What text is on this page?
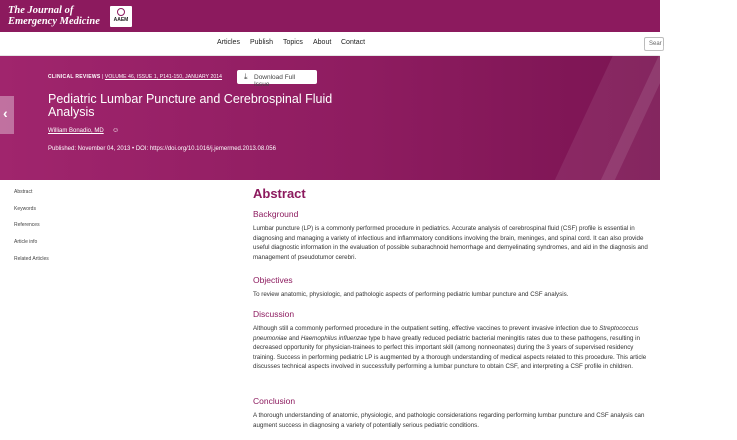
The Journal of
Emergency Medicine	AAEM
Articles Publish Topics About Contact	Sear
‹
CLINICAL REVIEWS | VOLUME 46, ISSUE 1, P141-150, JANUARY 2014	⤓ Download Full Issue
Pediatric Lumbar Puncture and Cerebrospinal Fluid Analysis
William Bonadio, MD ☺
Published: November 04, 2013 • DOI: https://doi.org/10.1016/j.jemermed.2013.08.056
Abstract
Keywords
References
Article info
Related Articles
Abstract
Background
Lumbar puncture (LP) is a commonly performed procedure in pediatrics. Accurate analysis of cerebrospinal fluid (CSF) profile is essential in diagnosing and managing a variety of infectious and inflammatory conditions involving the brain, meninges, and spinal cord. It can also provide useful diagnostic information in the evaluation of possible subarachnoid hemorrhage and demyelinating syndromes, and aid in the diagnosis and management of pseudotumor cerebri.
Objectives
To review anatomic, physiologic, and pathologic aspects of performing pediatric lumbar puncture and CSF analysis.
Discussion
Although still a commonly performed procedure in the outpatient setting, effective vaccines to prevent invasive infection due to Streptococcus pneumoniae and Haemophilus influenzae type b have greatly reduced pediatric bacterial meningitis rates due to these pathogens, resulting in decreased opportunity for physician-trainees to perfect this important skill (among nonneonates) during the 3 years of supervised residency training. Success in performing pediatric LP is augmented by a thorough understanding of medical aspects related to this procedure. This article discusses technical aspects involved in successfully performing a lumbar puncture to obtain CSF, and interpreting a CSF profile in children.
Conclusion
A thorough understanding of anatomic, physiologic, and pathologic considerations regarding performing lumbar puncture and CSF analysis can augment success in diagnosing a variety of potentially serious pediatric conditions.
